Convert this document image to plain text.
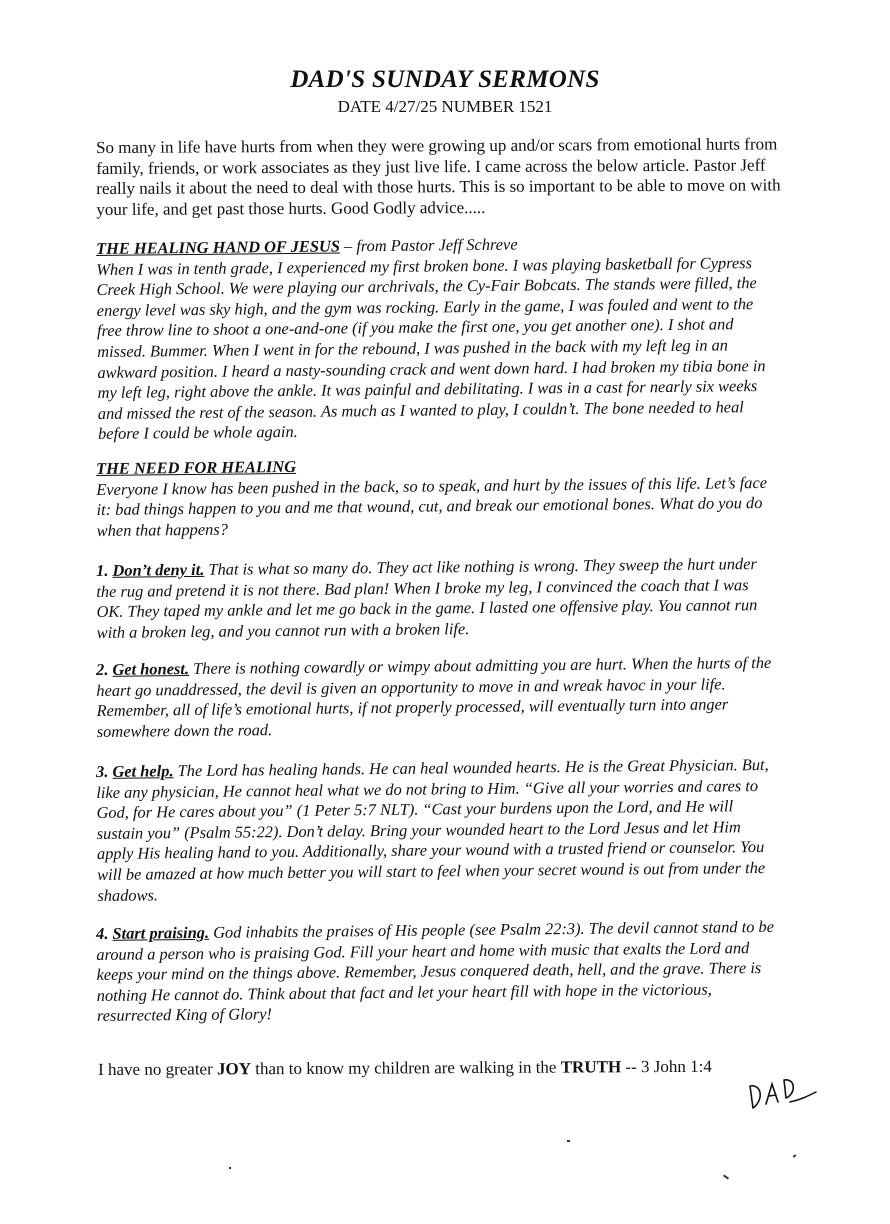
DAD'S SUNDAY SERMONS
DATE 4/27/25 NUMBER 1521
So many in life have hurts from when they were growing up and/or scars from emotional hurts from family, friends, or work associates as they just live life. I came across the below article. Pastor Jeff really nails it about the need to deal with those hurts. This is so important to be able to move on with your life, and get past those hurts. Good Godly advice.....
THE HEALING HAND OF JESUS – from Pastor Jeff Schreve
When I was in tenth grade, I experienced my first broken bone. I was playing basketball for Cypress Creek High School. We were playing our archrivals, the Cy-Fair Bobcats. The stands were filled, the energy level was sky high, and the gym was rocking. Early in the game, I was fouled and went to the free throw line to shoot a one-and-one (if you make the first one, you get another one). I shot and missed. Bummer. When I went in for the rebound, I was pushed in the back with my left leg in an awkward position. I heard a nasty-sounding crack and went down hard. I had broken my tibia bone in my left leg, right above the ankle. It was painful and debilitating. I was in a cast for nearly six weeks and missed the rest of the season. As much as I wanted to play, I couldn’t. The bone needed to heal before I could be whole again.
THE NEED FOR HEALING
Everyone I know has been pushed in the back, so to speak, and hurt by the issues of this life. Let’s face it: bad things happen to you and me that wound, cut, and break our emotional bones. What do you do when that happens?
1. Don’t deny it. That is what so many do. They act like nothing is wrong. They sweep the hurt under the rug and pretend it is not there. Bad plan! When I broke my leg, I convinced the coach that I was OK. They taped my ankle and let me go back in the game. I lasted one offensive play. You cannot run with a broken leg, and you cannot run with a broken life.
2. Get honest. There is nothing cowardly or wimpy about admitting you are hurt. When the hurts of the heart go unaddressed, the devil is given an opportunity to move in and wreak havoc in your life. Remember, all of life’s emotional hurts, if not properly processed, will eventually turn into anger somewhere down the road.
3. Get help. The Lord has healing hands. He can heal wounded hearts. He is the Great Physician. But, like any physician, He cannot heal what we do not bring to Him. “Give all your worries and cares to God, for He cares about you” (1 Peter 5:7 NLT). “Cast your burdens upon the Lord, and He will sustain you” (Psalm 55:22). Don’t delay. Bring your wounded heart to the Lord Jesus and let Him apply His healing hand to you. Additionally, share your wound with a trusted friend or counselor. You will be amazed at how much better you will start to feel when your secret wound is out from under the shadows.
4. Start praising. God inhabits the praises of His people (see Psalm 22:3). The devil cannot stand to be around a person who is praising God. Fill your heart and home with music that exalts the Lord and keeps your mind on the things above. Remember, Jesus conquered death, hell, and the grave. There is nothing He cannot do. Think about that fact and let your heart fill with hope in the victorious, resurrected King of Glory!
I have no greater JOY than to know my children are walking in the TRUTH -- 3 John 1:4
